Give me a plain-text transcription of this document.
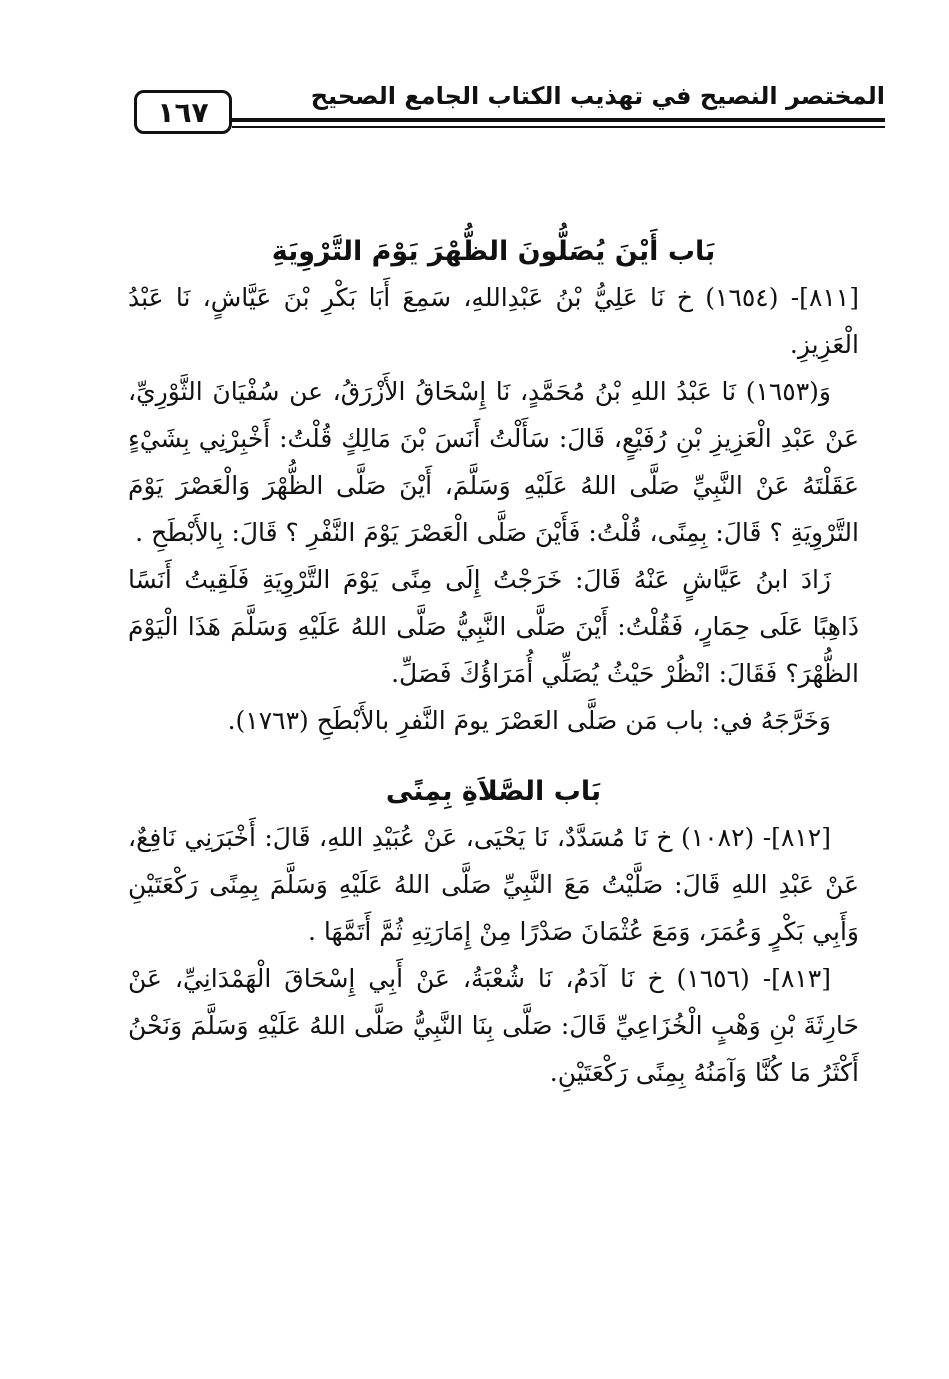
١٦٧	المختصر النصيح في تهذيب الكتاب الجامع الصحيح
بَاب أَيْنَ يُصَلُّونَ الظُّهْرَ يَوْمَ التَّرْوِيَةِ

[٨١١]- (١٦٥٤) خ نَا عَلِيُّ بْنُ عَبْدِاللهِ، سَمِعَ أَبَا بَكْرِ بْنَ عَيَّاشٍ، نَا عَبْدُ الْعَزِيزِ.

وَ(١٦٥٣) نَا عَبْدُ اللهِ بْنُ مُحَمَّدٍ، نَا إِسْحَاقُ الأَزْرَقُ، عن سُفْيَانَ الثَّوْرِيِّ، عَنْ عَبْدِ الْعَزِيزِ بْنِ رُفَيْعٍ، قَالَ: سَأَلْتُ أَنَسَ بْنَ مَالِكٍ قُلْتُ: أَخْبِرْنِي بِشَيْءٍ عَقَلْتَهُ عَنْ النَّبِيِّ صَلَّى اللهُ عَلَيْهِ وَسَلَّمَ، أَيْنَ صَلَّى الظُّهْرَ وَالْعَصْرَ يَوْمَ التَّرْوِيَةِ ؟ قَالَ: بِمِنًى، قُلْتُ: فَأَيْنَ صَلَّى الْعَصْرَ يَوْمَ النَّفْرِ ؟ قَالَ: بِالأَبْطَحِ .

زَادَ ابنُ عَيَّاشٍ عَنْهُ قَالَ: خَرَجْتُ إِلَى مِنًى يَوْمَ التَّرْوِيَةِ فَلَقِيتُ أَنَسًا ذَاهِبًا عَلَى حِمَارٍ، فَقُلْتُ: أَيْنَ صَلَّى النَّبِيُّ صَلَّى اللهُ عَلَيْهِ وَسَلَّمَ هَذَا الْيَوْمَ الظُّهْرَ؟ فَقَالَ: انْظُرْ حَيْثُ يُصَلِّي أُمَرَاؤُكَ فَصَلِّ.

وَخَرَّجَهُ في: باب مَن صَلَّى العَصْرَ يومَ النَّفرِ بالأَبْطَحِ (١٧٦٣).

بَاب الصَّلاَةِ بِمِنًى

[٨١٢]- (١٠٨٢) خ نَا مُسَدَّدٌ، نَا يَحْيَى، عَنْ عُبَيْدِ اللهِ، قَالَ: أَخْبَرَنِي نَافِعٌ، عَنْ عَبْدِ اللهِ قَالَ: صَلَّيْتُ مَعَ النَّبِيِّ صَلَّى اللهُ عَلَيْهِ وَسَلَّمَ بِمِنًى رَكْعَتَيْنِ وَأَبِي بَكْرٍ وَعُمَرَ، وَمَعَ عُثْمَانَ صَدْرًا مِنْ إِمَارَتِهِ ثُمَّ أَتَمَّهَا .

[٨١٣]- (١٦٥٦) خ نَا آدَمُ، نَا شُعْبَةُ، عَنْ أَبِي إِسْحَاقَ الْهَمْدَانِيِّ، عَنْ حَارِثَةَ بْنِ وَهْبٍ الْخُزَاعِيِّ قَالَ: صَلَّى بِنَا النَّبِيُّ صَلَّى اللهُ عَلَيْهِ وَسَلَّمَ وَنَحْنُ أَكْثَرُ مَا كُنَّا وَآمَنُهُ بِمِنًى رَكْعَتَيْنِ.
